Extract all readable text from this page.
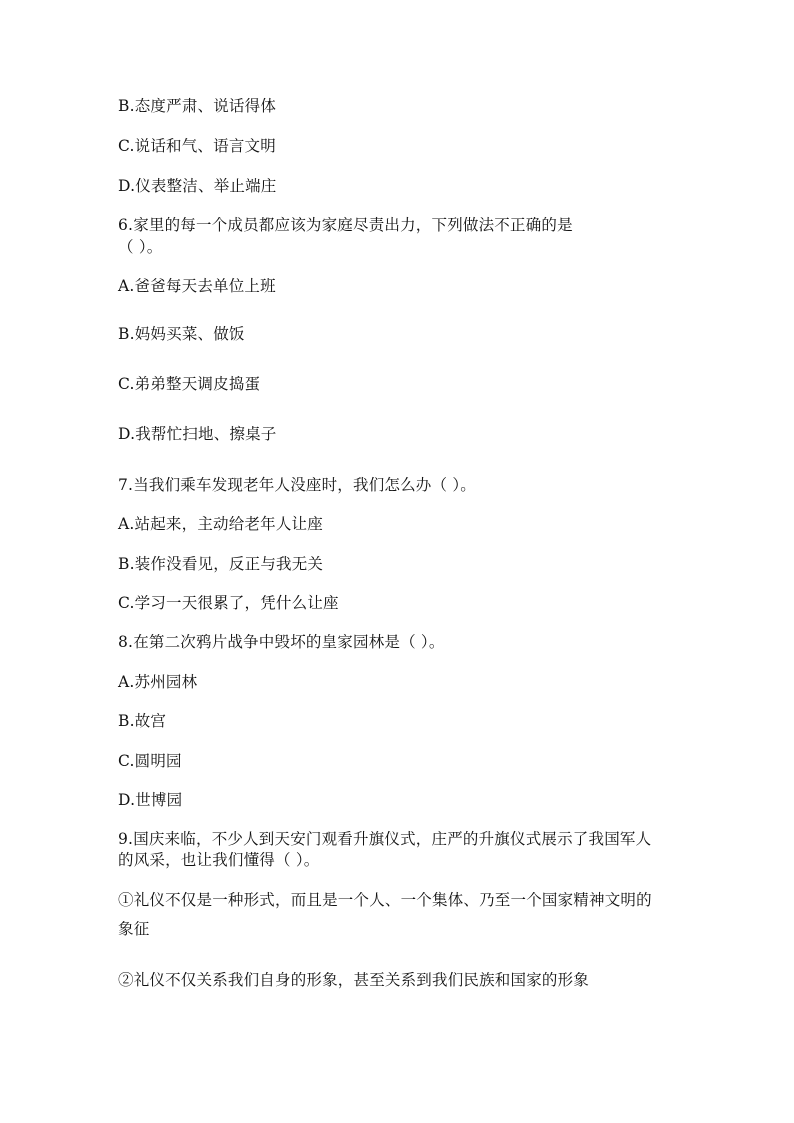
B.态度严肃、说话得体
C.说话和气、语言文明
D.仪表整洁、举止端庄
6.家里的每一个成员都应该为家庭尽责出力，下列做法不正确的是
（ ）。
A.爸爸每天去单位上班
B.妈妈买菜、做饭
C.弟弟整天调皮捣蛋
D.我帮忙扫地、擦桌子
7.当我们乘车发现老年人没座时，我们怎么办（ ）。
A.站起来，主动给老年人让座
B.装作没看见，反正与我无关
C.学习一天很累了，凭什么让座
8.在第二次鸦片战争中毁坏的皇家园林是（ ）。
A.苏州园林
B.故宫
C.圆明园
D.世博园
9.国庆来临，不少人到天安门观看升旗仪式，庄严的升旗仪式展示了我国军人
的风采，也让我们懂得（ ）。
①礼仪不仅是一种形式，而且是一个人、一个集体、乃至一个国家精神文明的
象征
②礼仪不仅关系我们自身的形象，甚至关系到我们民族和国家的形象
